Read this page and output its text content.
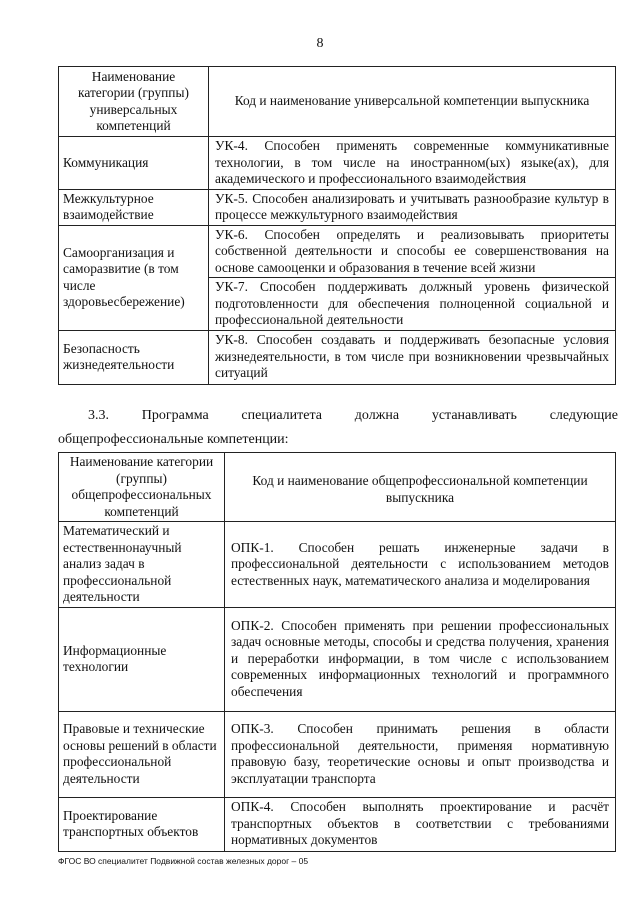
8
Наименование категории (группы) универсальных компетенций	Код и наименование универсальной компетенции выпускника
Коммуникация	УК-4. Способен применять современные коммуникативные технологии, в том числе на иностранном(ых) языке(ах), для академического и профессионального взаимодействия
Межкультурное взаимодействие	УК-5. Способен анализировать и учитывать разнообразие культур в процессе межкультурного взаимодействия
Самоорганизация и саморазвитие (в том числе здоровьесбережение)	УК-6. Способен определять и реализовывать приоритеты собственной деятельности и способы ее совершенствования на основе самооценки и образования в течение всей жизни
	УК-7. Способен поддерживать должный уровень физической подготовленности для обеспечения полноценной социальной и профессиональной деятельности
Безопасность жизнедеятельности	УК-8. Способен создавать и поддерживать безопасные условия жизнедеятельности, в том числе при возникновении чрезвычайных ситуаций
3.3. Программа специалитета должна устанавливать следующие
общепрофессиональные компетенции:
Наименование категории (группы) общепрофессиональных компетенций	Код и наименование общепрофессиональной компетенции выпускника
Математический и естественнонаучный анализ задач в профессиональной деятельности	ОПК-1. Способен решать инженерные задачи в профессиональной деятельности с использованием методов естественных наук, математического анализа и моделирования
Информационные технологии	ОПК-2. Способен применять при решении профессиональных задач основные методы, способы и средства получения, хранения и переработки информации, в том числе с использованием современных информационных технологий и программного обеспечения
Правовые и технические основы решений в области профессиональной деятельности	ОПК-3. Способен принимать решения в области профессиональной деятельности, применяя нормативную правовую базу, теоретические основы и опыт производства и эксплуатации транспорта
Проектирование транспортных объектов	ОПК-4. Способен выполнять проектирование и расчёт транспортных объектов в соответствии с требованиями нормативных документов
ФГОС ВО специалитет Подвижной состав железных дорог – 05
